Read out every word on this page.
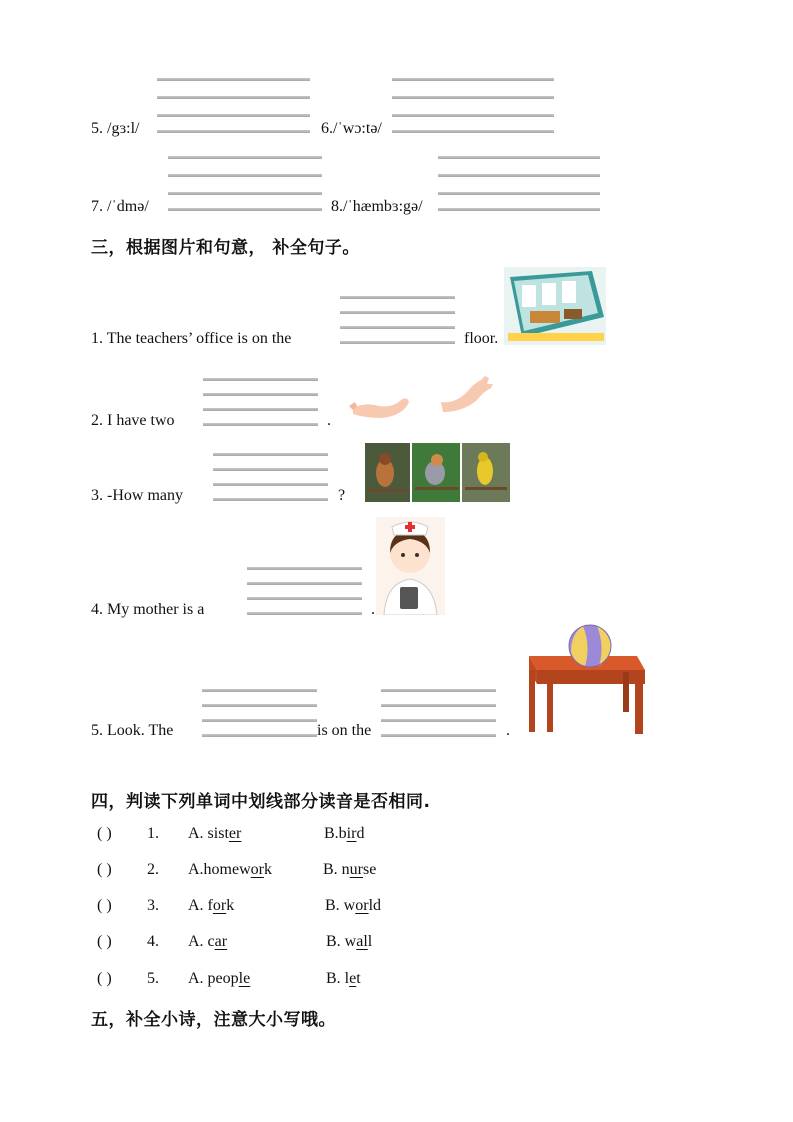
5. /gɜ:l/	6./ˈwɔ:tə/
7. /ˈdmə/	8./ˈhæmbɜ:gə/
三，根据图片和句意， 补全句子。
1. The teachers’ office is on the	floor.
2. I have two	.
3. -How many	?
4. My mother is a	.
5. Look. The	is on the	.
四，判读下列单词中划线部分读音是否相同.
( ) 1. A. sister	B.bird
( ) 2. A.homework	B. nurse
( ) 3. A. fork	B. world
( ) 4. A. car	B. wall
( ) 5. A. people	B. let
五，补全小诗，注意大小写哦。
